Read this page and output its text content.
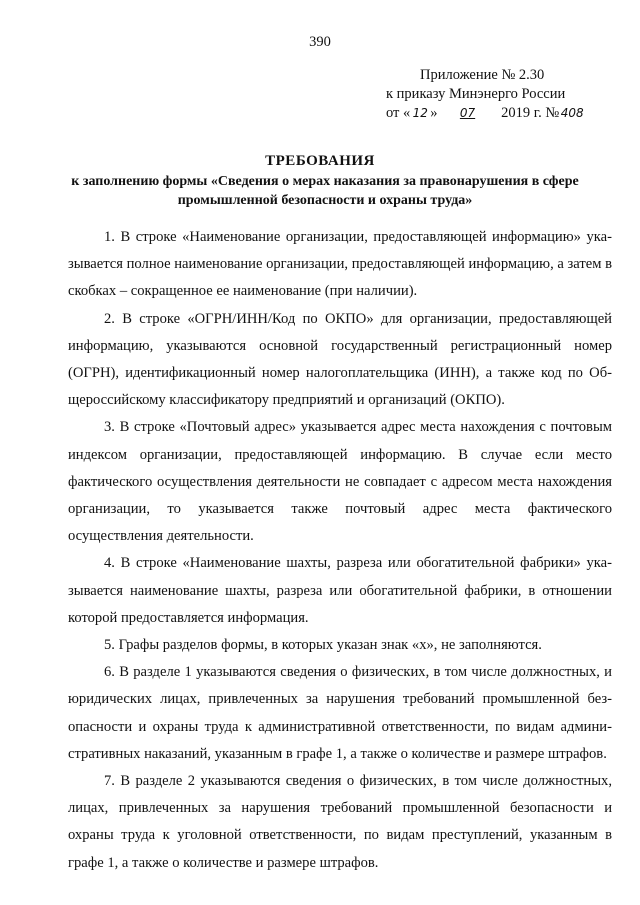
390
Приложение № 2.30
к приказу Минэнерго России
от « 12 » 07 2019 г. № 408
ТРЕБОВАНИЯ
к заполнению формы «Сведения о мерах наказания за правонарушения в сфере промышленной безопасности и охраны труда»

1. В строке «Наименование организации, предоставляющей информацию» указывается полное наименование организации, предоставляющей информацию, а затем в скобках – сокращенное ее наименование (при наличии).

2. В строке «ОГРН/ИНН/Код по ОКПО» для организации, предоставляющей информацию, указываются основной государственный регистрационный номер (ОГРН), идентификационный номер налогоплательщика (ИНН), а также код по Общероссийскому классификатору предприятий и организаций (ОКПО).

3. В строке «Почтовый адрес» указывается адрес места нахождения с почтовым индексом организации, предоставляющей информацию. В случае если место фактического осуществления деятельности не совпадает с адресом места нахождения организации, то указывается также почтовый адрес места фактического осуществления деятельности.

4. В строке «Наименование шахты, разреза или обогатительной фабрики» указывается наименование шахты, разреза или обогатительной фабрики, в отношении которой предоставляется информация.

5. Графы разделов формы, в которых указан знак «х», не заполняются.

6. В разделе 1 указываются сведения о физических, в том числе должностных, и юридических лицах, привлеченных за нарушения требований промышленной безопасности и охраны труда к административной ответственности, по видам административных наказаний, указанным в графе 1, а также о количестве и размере штрафов.

7. В разделе 2 указываются сведения о физических, в том числе должностных, лицах, привлеченных за нарушения требований промышленной безопасности и охраны труда к уголовной ответственности, по видам преступлений, указанным в графе 1, а также о количестве и размере штрафов.
